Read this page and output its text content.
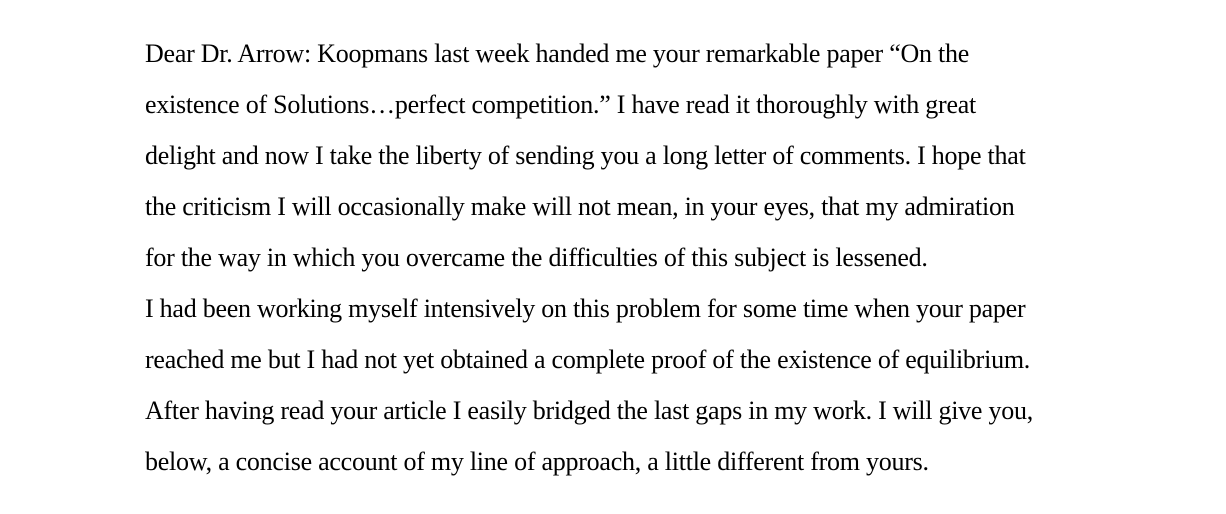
Dear Dr. Arrow: Koopmans last week handed me your remarkable paper “On the
existence of Solutions…perfect competition.” I have read it thoroughly with great
delight and now I take the liberty of sending you a long letter of comments. I hope that
the criticism I will occasionally make will not mean, in your eyes, that my admiration
for the way in which you overcame the difficulties of this subject is lessened.
I had been working myself intensively on this problem for some time when your paper
reached me but I had not yet obtained a complete proof of the existence of equilibrium.
After having read your article I easily bridged the last gaps in my work. I will give you,
below, a concise account of my line of approach, a little different from yours.
